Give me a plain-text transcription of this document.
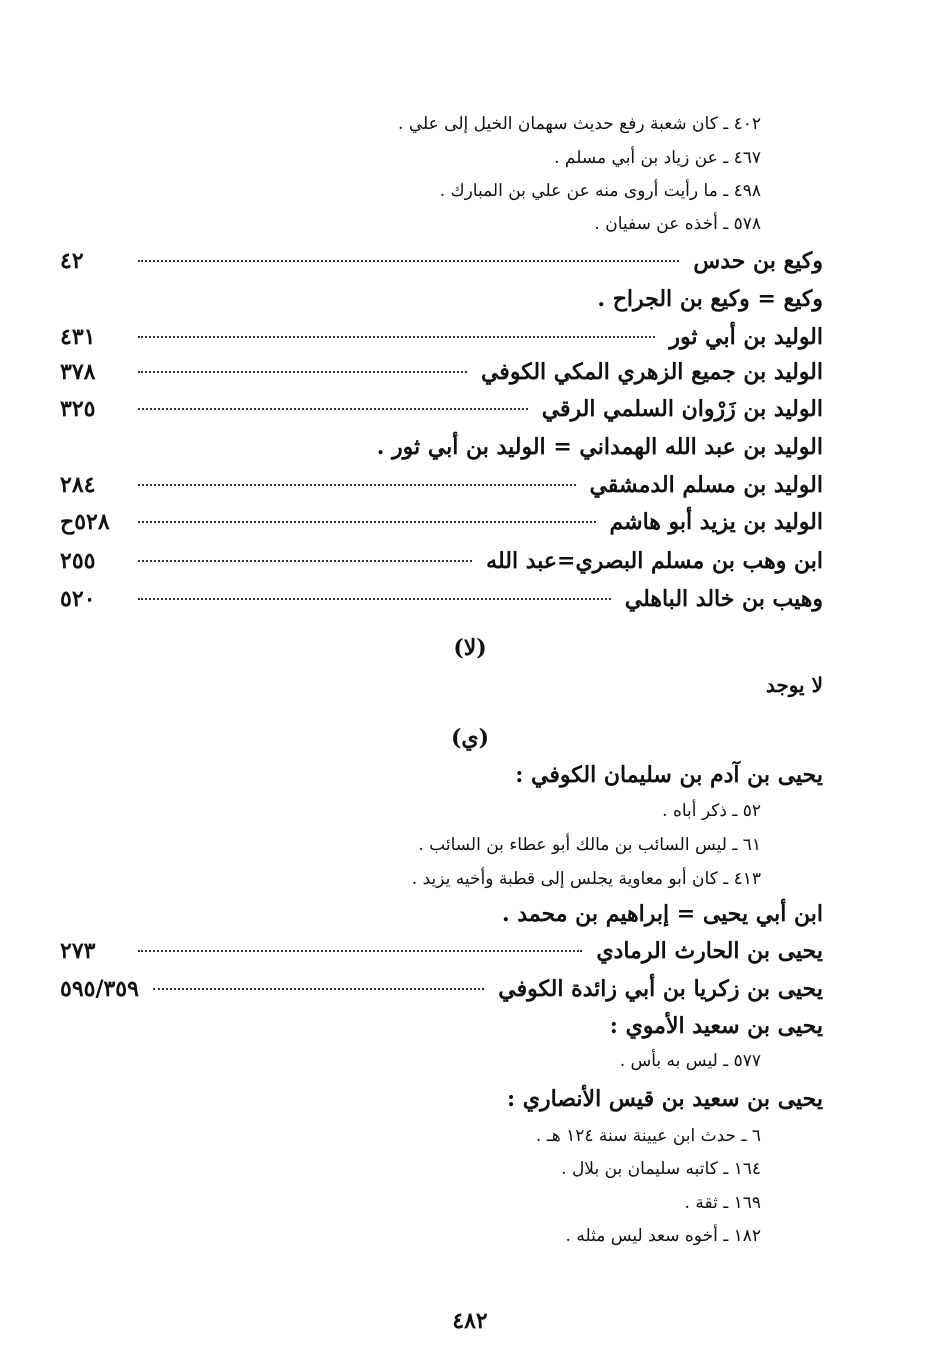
٤٠٢ ـ كان شعبة رفع حديث سهمان الخيل إلى علي .
٤٦٧ ـ عن زياد بن أبي مسلم .
٤٩٨ ـ ما رأيت أروى منه عن علي بن المبارك .
٥٧٨ ـ أخذه عن سفيان .
وكيع بن حدس
٤٢
وكيع = وكيع بن الجراح .
الوليد بن أبي ثور
٤٣١
الوليد بن جميع الزهري المكي الكوفي
٣٧٨
الوليد بن زَرْوان السلمي الرقي
٣٢٥
الوليد بن عبد الله الهمداني = الوليد بن أبي ثور .
الوليد بن مسلم الدمشقي
٢٨٤
الوليد بن يزيد أبو هاشم
٥٢٨ح
ابن وهب بن مسلم البصري=عبد الله
٢٥٥
وهيب بن خالد الباهلي
٥٢٠
(لا)
لا يوجد
(ي)
يحيى بن آدم بن سليمان الكوفي :
٥٢ ـ ذكر أباه .
٦١ ـ ليس السائب بن مالك أبو عطاء بن السائب .
٤١٣ ـ كان أبو معاوية يجلس إلى قطبة وأخيه يزيد .
ابن أبي يحيى = إبراهيم بن محمد .
يحيى بن الحارث الرمادي
٢٧٣
يحيى بن زكريا بن أبي زائدة الكوفي
٥٩٥/٣٥٩
يحيى بن سعيد الأموي :
٥٧٧ ـ ليس به بأس .
يحيى بن سعيد بن قيس الأنصاري :
٦ ـ حدث ابن عيينة سنة ١٢٤ هـ .
١٦٤ ـ كاتبه سليمان بن بلال .
١٦٩ ـ ثقة .
١٨٢ ـ أخوه سعد ليس مثله .
٤٨٢
